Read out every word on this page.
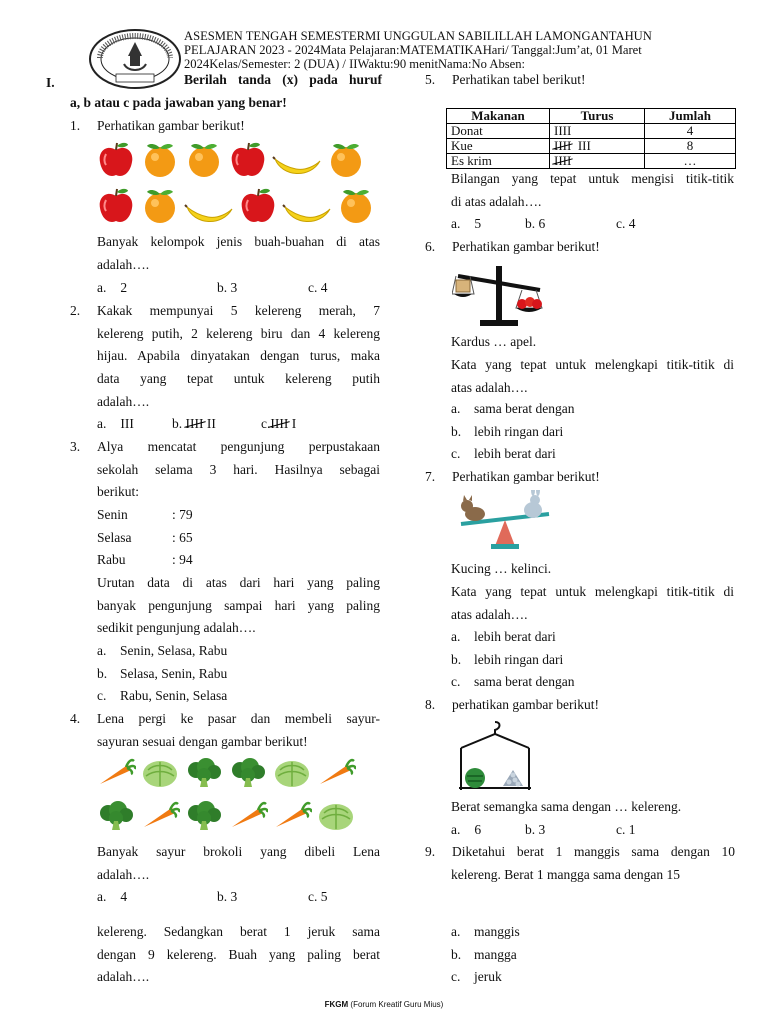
ASESMEN TENGAH SEMESTERMI UNGGULAN SABILILLAH LAMONGANTAHUN
PELAJARAN 2023 - 2024Mata Pelajaran:MATEMATIKAHari/ Tanggal:Jum’at, 01 Maret
2024Kelas/Semester: 2 (DUA) / IIWaktu:90 menitNama:No Absen:
I.	Berilah tanda (x) pada huruf
a, b atau c pada jawaban yang benar!
1. Perhatikan gambar berikut!

Banyak kelompok jenis buah-buahan di atas
adalah….
a. 2	b. 3	c. 4
2. Kakak mempunyai 5 kelereng merah, 7
kelereng putih, 2 kelereng biru dan 4 kelereng
hijau. Apabila dinyatakan dengan turus, maka
data yang tepat untuk kelereng putih
adalah….
a. III	b. IIII II	c.IIII I
3. Alya mencatat pengunjung perpustakaan
sekolah selama 3 hari. Hasilnya sebagai
berikut:
Senin	: 79
Selasa	: 65
Rabu	: 94
Urutan data di atas dari hari yang paling
banyak pengunjung sampai hari yang paling
sedikit pengunjung adalah….
a. Senin, Selasa, Rabu
b. Selasa, Senin, Rabu
c. Rabu, Senin, Selasa
4. Lena pergi ke pasar dan membeli sayur-
sayuran sesuai dengan gambar berikut!

Banyak sayur brokoli yang dibeli Lena
adalah….
a. 4	b. 3	c. 5
kelereng. Sedangkan berat 1 jeruk sama
dengan 9 kelereng. Buah yang paling berat
adalah….
5. Perhatikan tabel berikut!
Makanan	Turus	Jumlah
Donat	IIII	4
Kue	IIII  III	8
Es krim	IIII	…
Bilangan yang tepat untuk mengisi titik-titik
di atas adalah….
a. 5	b. 6	c. 4
6. Perhatikan gambar berikut!
Kardus … apel.
Kata yang tepat untuk melengkapi titik-titik di
atas adalah….
a. sama berat dengan
b. lebih ringan dari
c. lebih berat dari
7. Perhatikan gambar berikut!
Kucing … kelinci.
Kata yang tepat untuk melengkapi titik-titik di
atas adalah….
a. lebih berat dari
b. lebih ringan dari
c. sama berat dengan
8. perhatikan gambar berikut!
Berat semangka sama dengan … kelereng.
a. 6	b. 3	c. 1
9. Diketahui berat 1 manggis sama dengan 10
kelereng. Berat 1 mangga sama dengan 15
a. manggis
b. mangga
c. jeruk
FKGM (Forum Kreatif Guru Mius)
